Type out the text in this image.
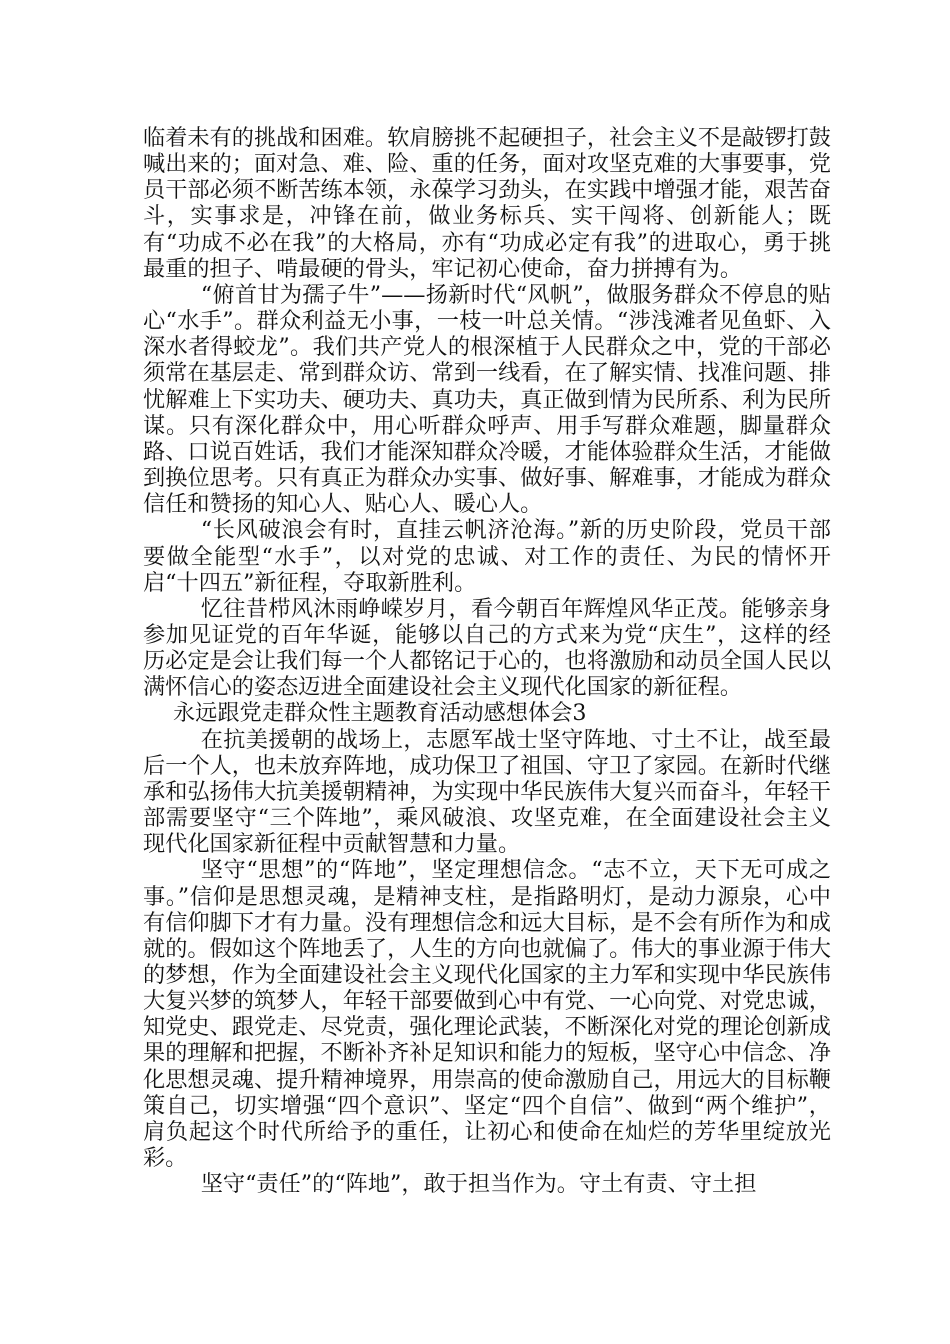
临着未有的挑战和困难。软肩膀挑不起硬担子，社会主义不是敲锣打鼓喊出来的；面对急、难、险、重的任务，面对攻坚克难的大事要事，党员干部必须不断苦练本领，永葆学习劲头，在实践中增强才能，艰苦奋斗，实事求是，冲锋在前，做业务标兵、实干闯将、创新能人；既有“功成不必在我”的大格局，亦有“功成必定有我”的进取心，勇于挑最重的担子、啃最硬的骨头，牢记初心使命，奋力拼搏有为。

“俯首甘为孺子牛”——扬新时代“风帆”，做服务群众不停息的贴心“水手”。群众利益无小事，一枝一叶总关情。“涉浅滩者见鱼虾、入深水者得蛟龙”。我们共产党人的根深植于人民群众之中，党的干部必须常在基层走、常到群众访、常到一线看，在了解实情、找准问题、排忧解难上下实功夫、硬功夫、真功夫，真正做到情为民所系、利为民所谋。只有深化群众中，用心听群众呼声、用手写群众难题，脚量群众路、口说百姓话，我们才能深知群众冷暖，才能体验群众生活，才能做到换位思考。只有真正为群众办实事、做好事、解难事，才能成为群众信任和赞扬的知心人、贴心人、暖心人。

“长风破浪会有时，直挂云帆济沧海。”新的历史阶段，党员干部要做全能型“水手”，以对党的忠诚、对工作的责任、为民的情怀开启“十四五”新征程，夺取新胜利。

忆往昔栉风沐雨峥嵘岁月，看今朝百年辉煌风华正茂。能够亲身参加见证党的百年华诞，能够以自己的方式来为党“庆生”，这样的经历必定是会让我们每一个人都铭记于心的，也将激励和动员全国人民以满怀信心的姿态迈进全面建设社会主义现代化国家的新征程。

永远跟党走群众性主题教育活动感想体会3

在抗美援朝的战场上，志愿军战士坚守阵地、寸土不让，战至最后一个人，也未放弃阵地，成功保卫了祖国、守卫了家园。在新时代继承和弘扬伟大抗美援朝精神，为实现中华民族伟大复兴而奋斗，年轻干部需要坚守“三个阵地”，乘风破浪、攻坚克难，在全面建设社会主义现代化国家新征程中贡献智慧和力量。

坚守“思想”的“阵地”，坚定理想信念。“志不立，天下无可成之事。”信仰是思想灵魂，是精神支柱，是指路明灯，是动力源泉，心中有信仰脚下才有力量。没有理想信念和远大目标，是不会有所作为和成就的。假如这个阵地丢了，人生的方向也就偏了。伟大的事业源于伟大的梦想，作为全面建设社会主义现代化国家的主力军和实现中华民族伟大复兴梦的筑梦人，年轻干部要做到心中有党、一心向党、对党忠诚，知党史、跟党走、尽党责，强化理论武装，不断深化对党的理论创新成果的理解和把握，不断补齐补足知识和能力的短板，坚守心中信念、净化思想灵魂、提升精神境界，用崇高的使命激励自己，用远大的目标鞭策自己，切实增强“四个意识”、坚定“四个自信”、做到“两个维护”，肩负起这个时代所给予的重任，让初心和使命在灿烂的芳华里绽放光彩。

坚守“责任”的“阵地”，敢于担当作为。守土有责、守土担
